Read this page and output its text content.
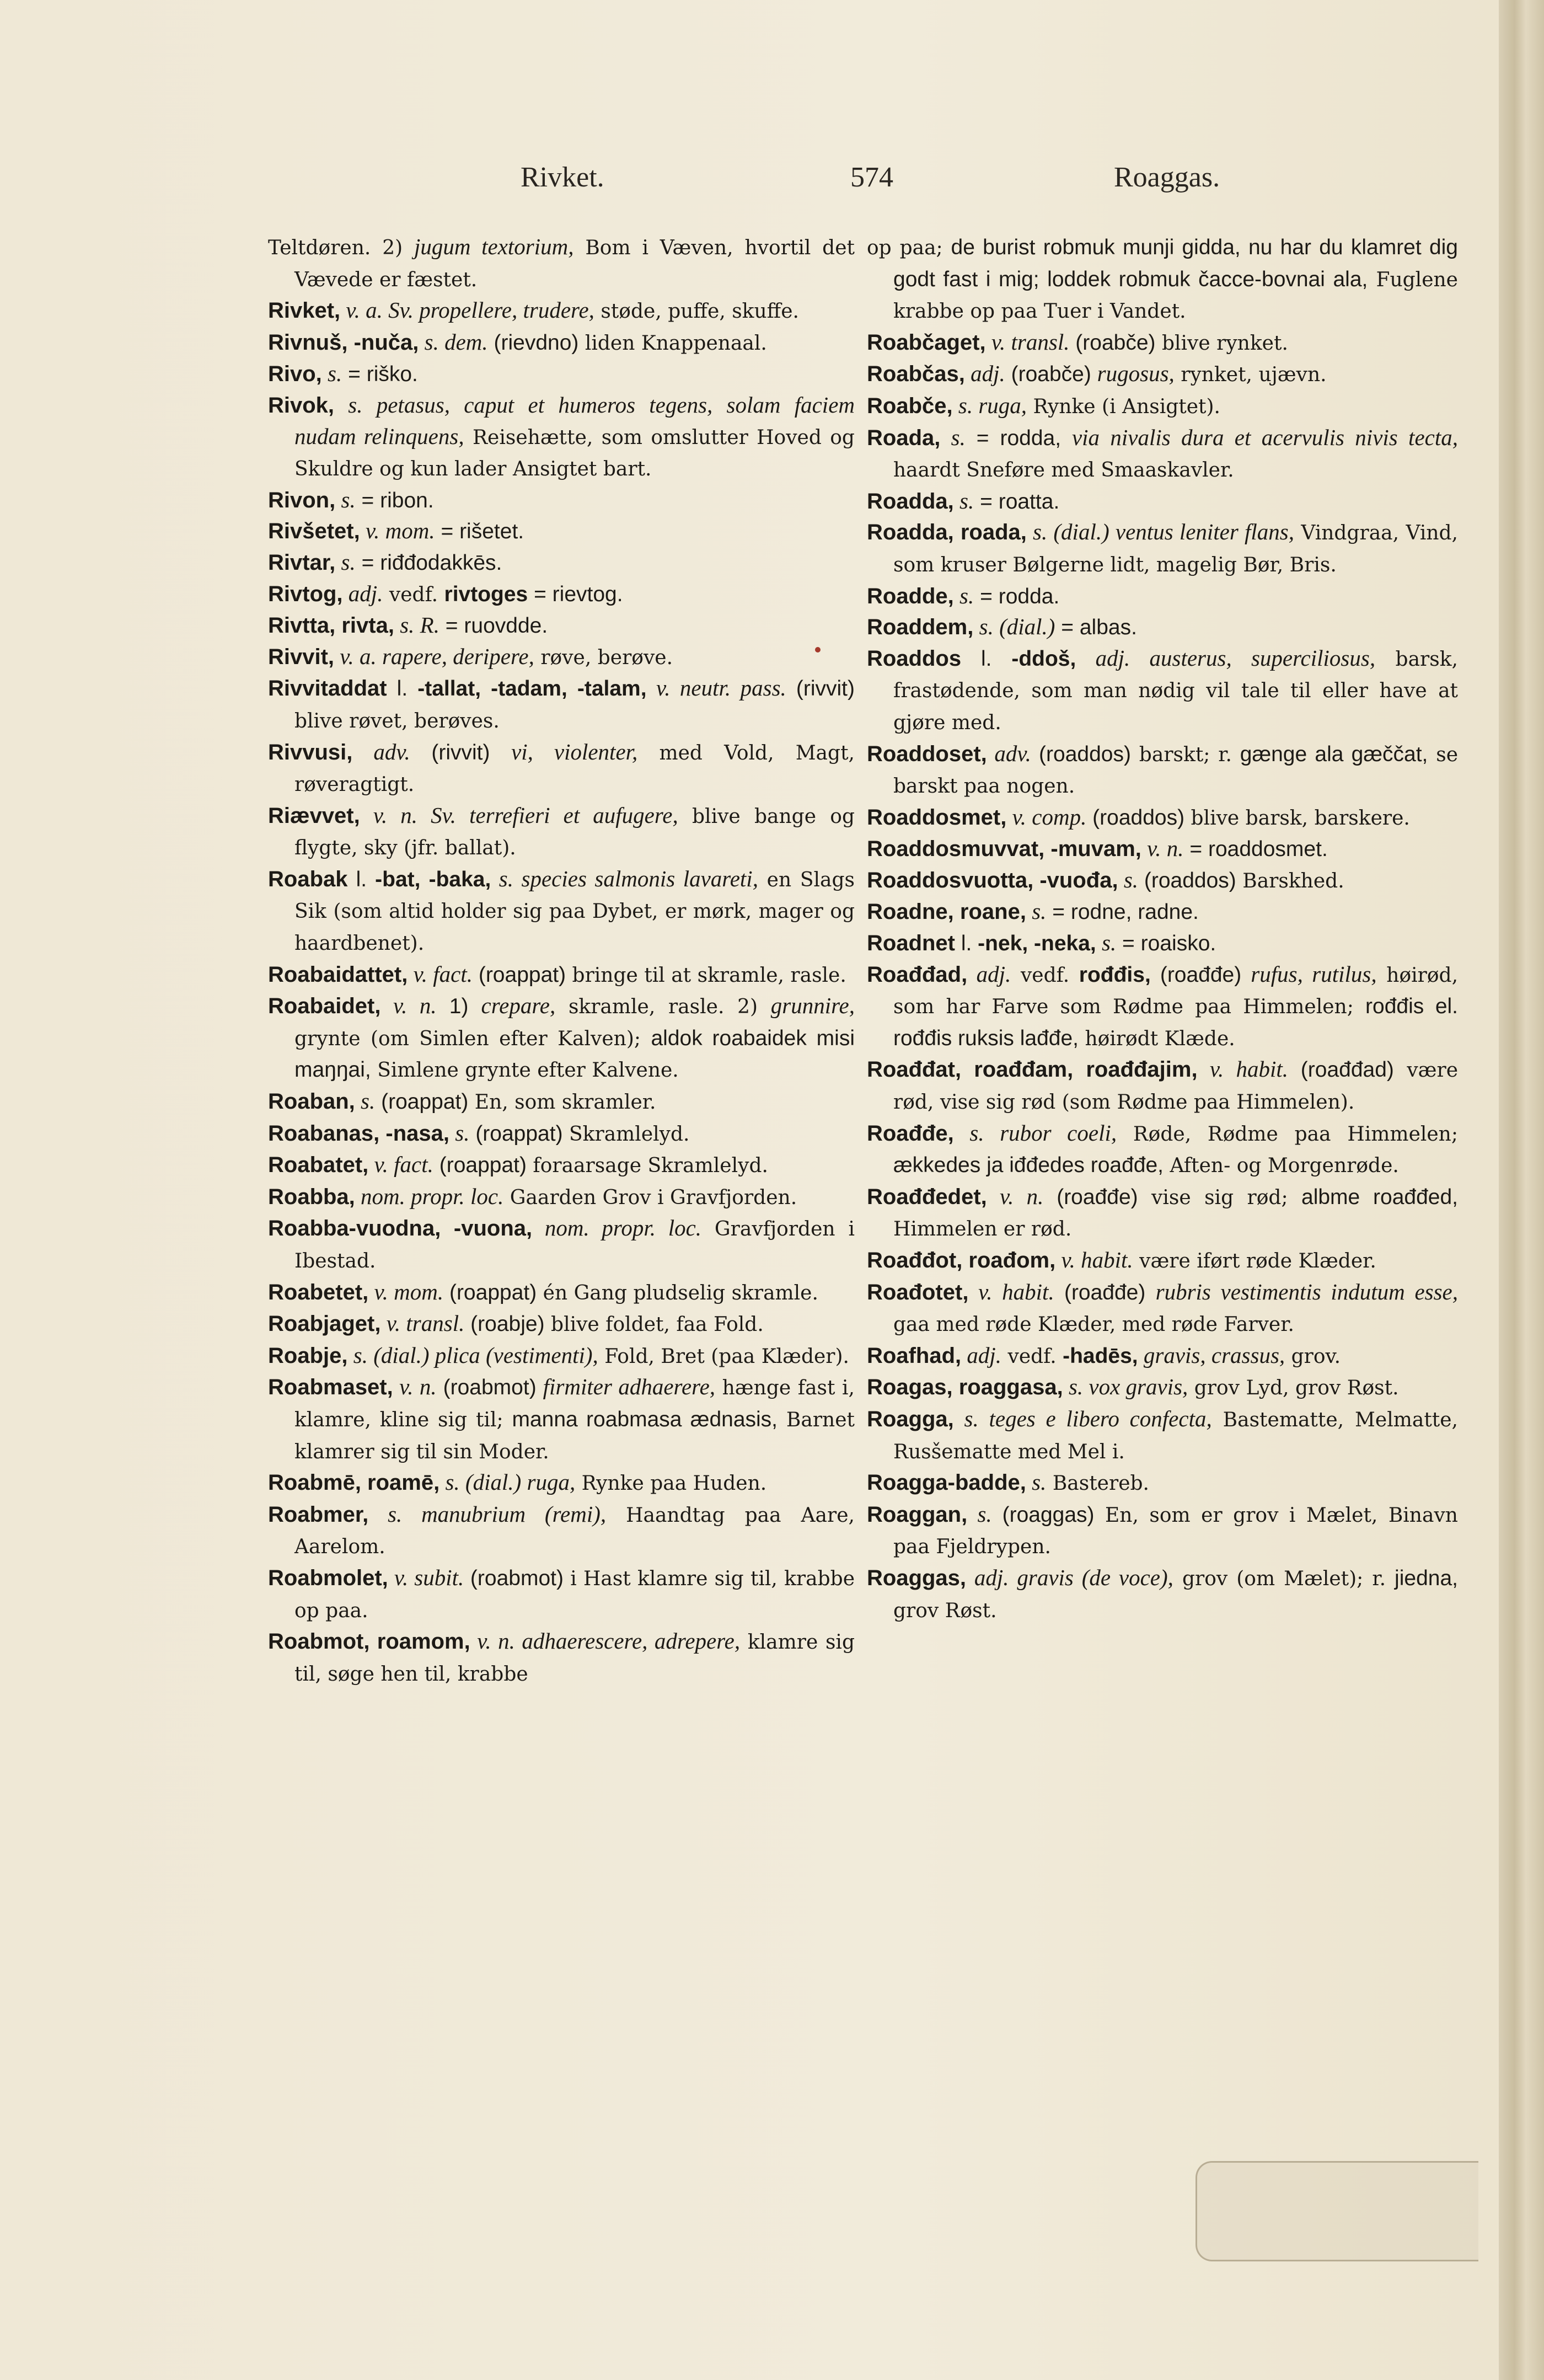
Rivket.	574	Roaggas.

Teltdøren. 2) jugum textorium, Bom i Væven, hvortil det Vævede er fæstet.

Rivket, v. a. Sv. propellere, trudere, støde, puffe, skuffe.

Rivnuš, -nuča, s. dem. (rievdno) liden Knappenaal.

Rivo, s. = riško.

Rivok, s. petasus, caput et humeros tegens, solam faciem nudam relinquens, Reisehætte, som omslutter Hoved og Skuldre og kun lader Ansigtet bart.

Rivon, s. = ribon.

Rivšetet, v. mom. = rišetet.

Rivtar, s. = riđđodakkēs.

Rivtog, adj. vedf. rivtoges = rievtog.

Rivtta, rivta, s. R. = ruovdde.

Rivvit, v. a. rapere, deripere, røve, berøve.

Rivvitaddat l. -tallat, -tadam, -talam, v. neutr. pass. (rivvit) blive røvet, berøves.

Rivvusi, adv. (rivvit) vi, violenter, med Vold, Magt, røveragtigt.

Riævvet, v. n. Sv. terrefieri et aufugere, blive bange og flygte, sky (jfr. ballat).

Roabak l. -bat, -baka, s. species salmonis lavareti, en Slags Sik (som altid holder sig paa Dybet, er mørk, mager og haardbenet).

Roabaidattet, v. fact. (roappat) bringe til at skramle, rasle.

Roabaidet, v. n. 1) crepare, skramle, rasle. 2) grunnire, grynte (om Simlen efter Kalven); aldok roabaidek misi maŋŋai, Simlene grynte efter Kalvene.

Roaban, s. (roappat) En, som skramler.

Roabanas, -nasa, s. (roappat) Skramlelyd.

Roabatet, v. fact. (roappat) foraarsage Skramlelyd.

Roabba, nom. propr. loc. Gaarden Grov i Gravfjorden.

Roabba-vuodna, -vuona, nom. propr. loc. Gravfjorden i Ibestad.

Roabetet, v. mom. (roappat) én Gang pludselig skramle.

Roabjaget, v. transl. (roabje) blive foldet, faa Fold.

Roabje, s. (dial.) plica (vestimenti), Fold, Bret (paa Klæder).

Roabmaset, v. n. (roabmot) firmiter adhaerere, hænge fast i, klamre, kline sig til; manna roabmasa ædnasis, Barnet klamrer sig til sin Moder.

Roabmē, roamē, s. (dial.) ruga, Rynke paa Huden.

Roabmer, s. manubrium (remi), Haandtag paa Aare, Aarelom.

Roabmolet, v. subit. (roabmot) i Hast klamre sig til, krabbe op paa.

Roabmot, roamom, v. n. adhaerescere, adrepere, klamre sig til, søge hen til, krabbe

op paa; de burist robmuk munji gidda, nu har du klamret dig godt fast i mig; loddek robmuk čacce-bovnai ala, Fuglene krabbe op paa Tuer i Vandet.

Roabčaget, v. transl. (roabče) blive rynket.

Roabčas, adj. (roabče) rugosus, rynket, ujævn.

Roabče, s. ruga, Rynke (i Ansigtet).

Roada, s. = rodda, via nivalis dura et acervulis nivis tecta, haardt Sneføre med Smaaskavler.

Roadda, s. = roatta.

Roadda, roada, s. (dial.) ventus leniter flans, Vindgraa, Vind, som kruser Bølgerne lidt, magelig Bør, Bris.

Roadde, s. = rodda.

Roaddem, s. (dial.) = albas.

Roaddos l. -ddoš, adj. austerus, superciliosus, barsk, frastødende, som man nødig vil tale til eller have at gjøre med.

Roaddoset, adv. (roaddos) barskt; r. gænge ala gæččat, se barskt paa nogen.

Roaddosmet, v. comp. (roaddos) blive barsk, barskere.

Roaddosmuvvat, -muvam, v. n. = roaddosmet.

Roaddosvuotta, -vuođa, s. (roaddos) Barskhed.

Roadne, roane, s. = rodne, radne.

Roadnet l. -nek, -neka, s. = roaisko.

Roađđad, adj. vedf. rođđis, (roađđe) rufus, rutilus, høirød, som har Farve som Rødme paa Himmelen; rođđis el. rođđis ruksis lađđe, høirødt Klæde.

Roađđat, roađđam, roađđajim, v. habit. (roađđad) være rød, vise sig rød (som Rødme paa Himmelen).

Roađđe, s. rubor coeli, Røde, Rødme paa Himmelen; ækkedes ja iđđedes roađđe, Aften- og Morgenrøde.

Roađđedet, v. n. (roađđe) vise sig rød; albme roađđed, Himmelen er rød.

Roađđot, roađom, v. habit. være iført røde Klæder.

Roađotet, v. habit. (roađđe) rubris vestimentis indutum esse, gaa med røde Klæder, med røde Farver.

Roafhad, adj. vedf. -hadēs, gravis, crassus, grov.

Roagas, roaggasa, s. vox gravis, grov Lyd, grov Røst.

Roagga, s. teges e libero confecta, Bastematte, Melmatte, Rusšematte med Mel i.

Roagga-badde, s. Bastereb.

Roaggan, s. (roaggas) En, som er grov i Mælet, Binavn paa Fjeldrypen.

Roaggas, adj. gravis (de voce), grov (om Mælet); r. jiedna, grov Røst.
